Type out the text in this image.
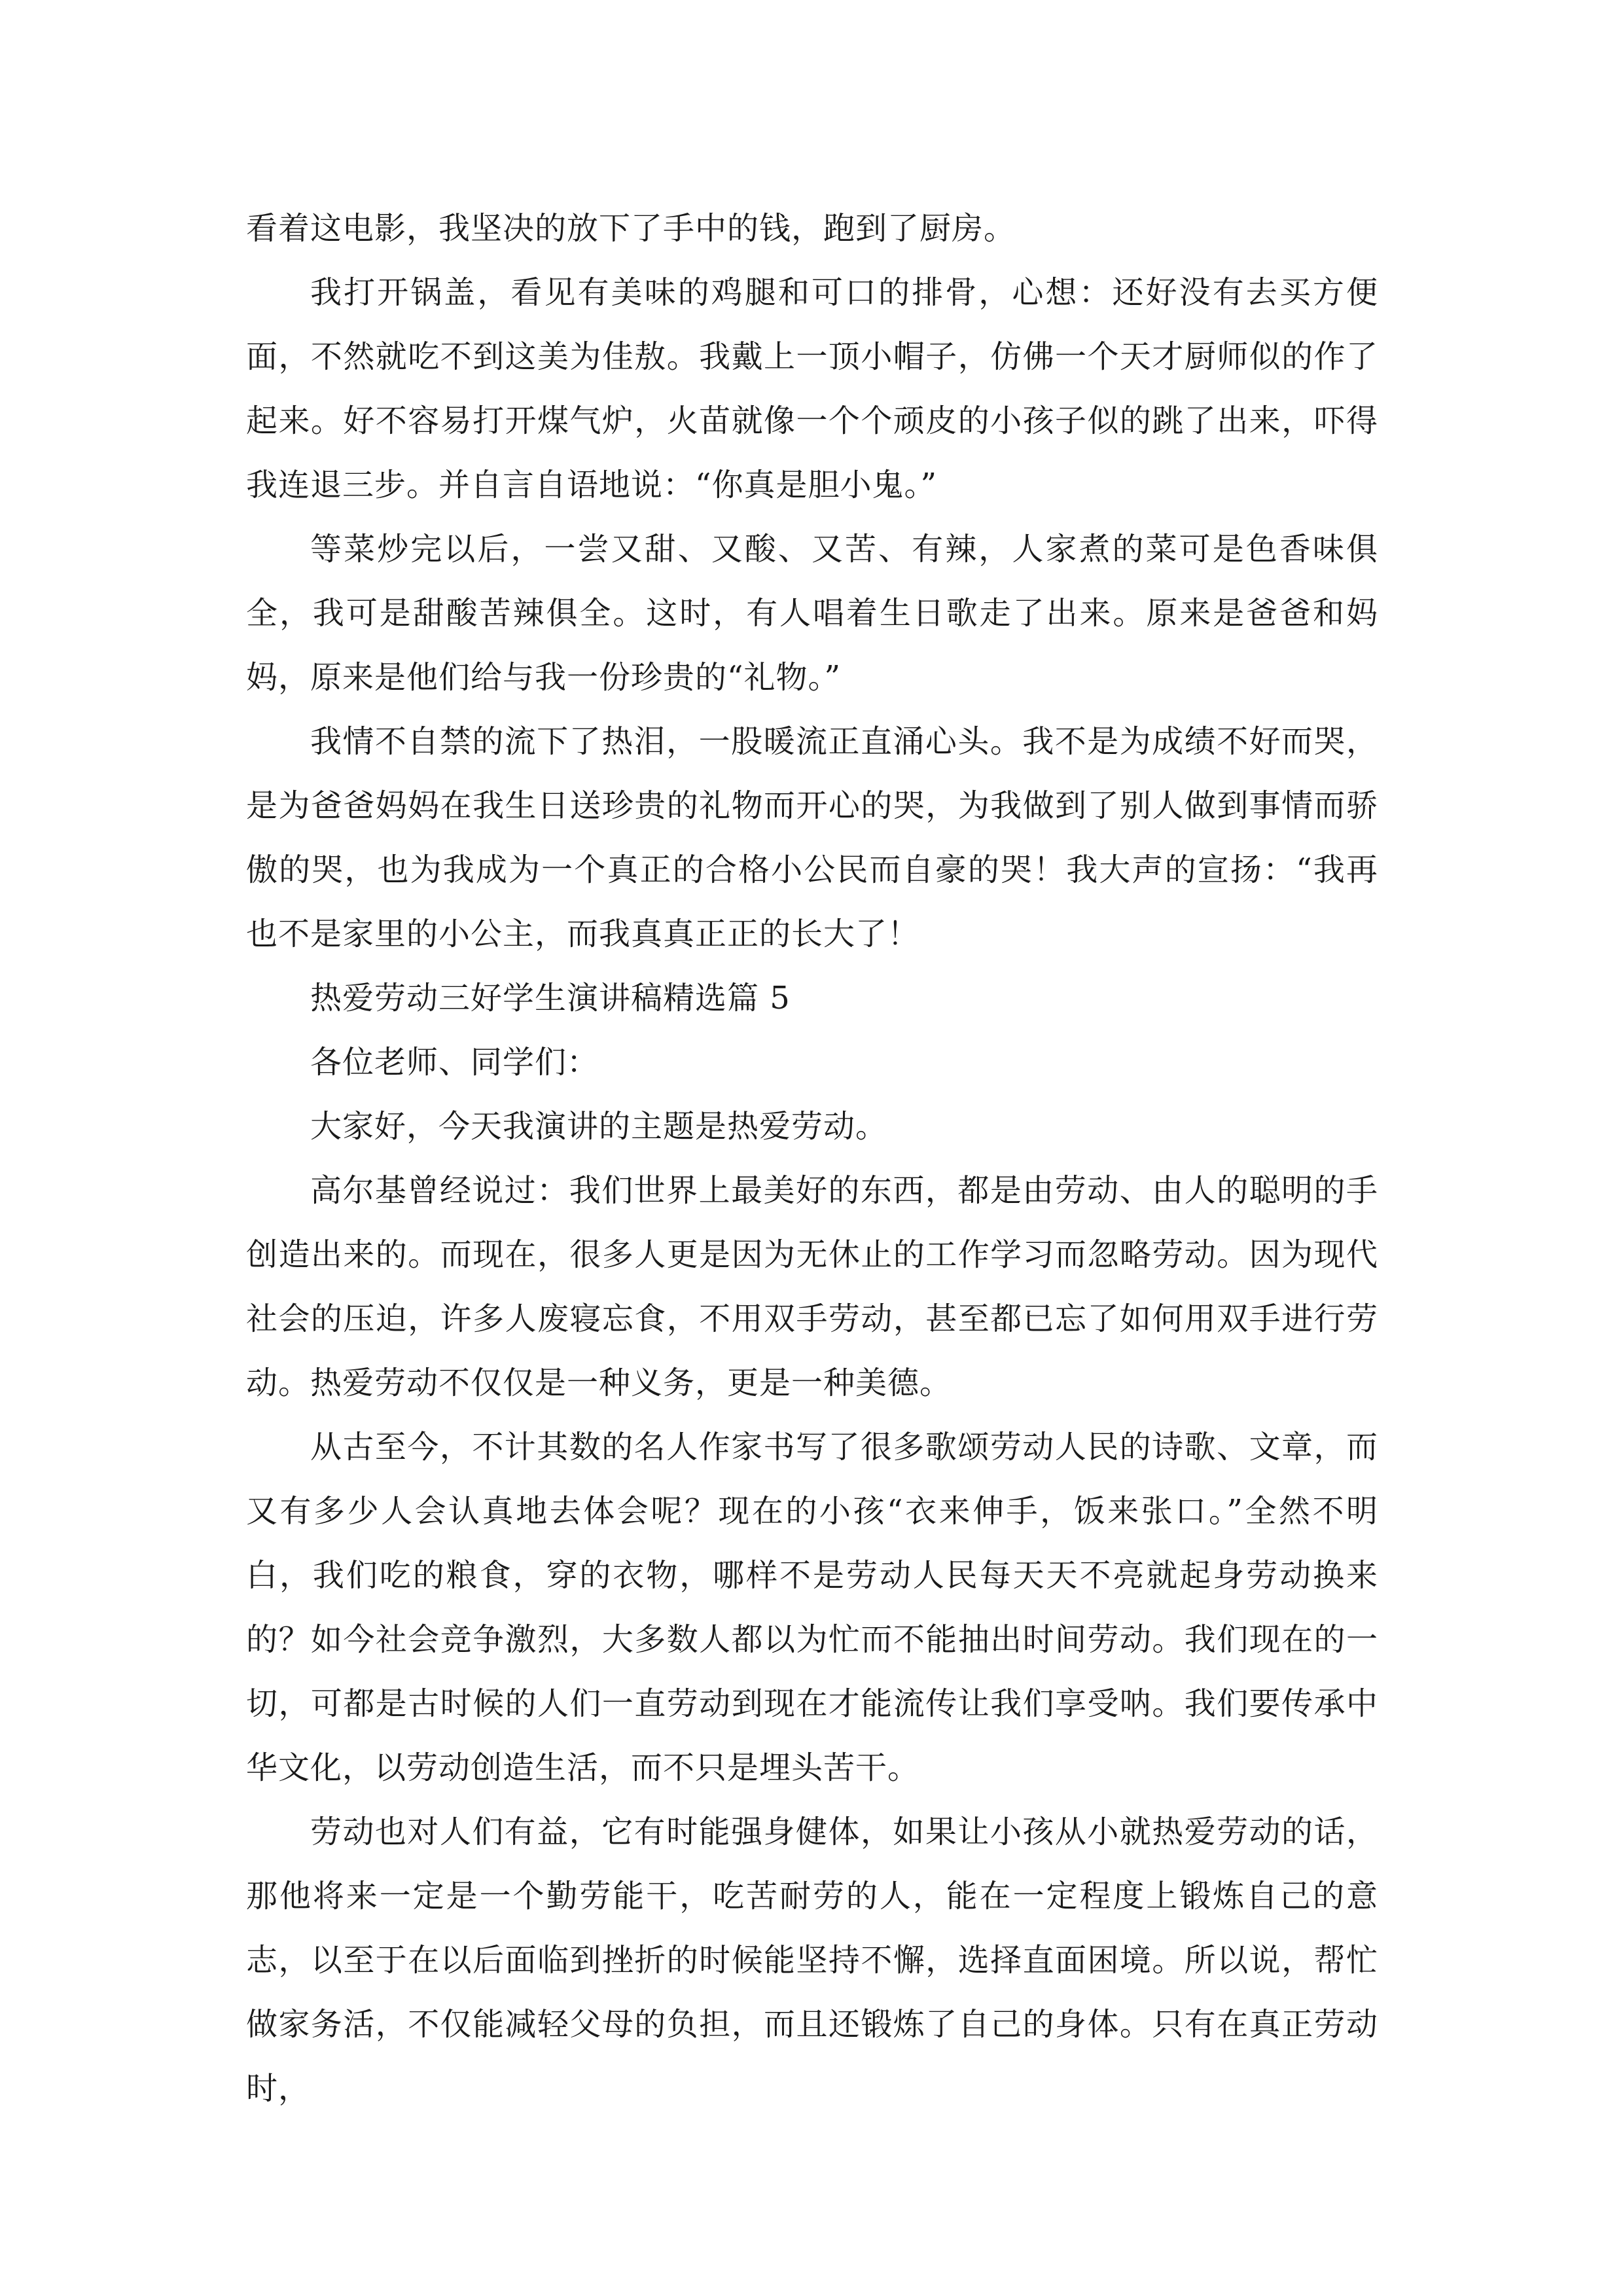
看着这电影，我坚决的放下了手中的钱，跑到了厨房。

我打开锅盖，看见有美味的鸡腿和可口的排骨，心想：还好没有去买方便面，不然就吃不到这美为佳敖。我戴上一顶小帽子，仿佛一个天才厨师似的作了起来。好不容易打开煤气炉，火苗就像一个个顽皮的小孩子似的跳了出来，吓得我连退三步。并自言自语地说：“你真是胆小鬼。”

等菜炒完以后，一尝又甜、又酸、又苦、有辣，人家煮的菜可是色香味俱全，我可是甜酸苦辣俱全。这时，有人唱着生日歌走了出来。原来是爸爸和妈妈，原来是他们给与我一份珍贵的“礼物。”

我情不自禁的流下了热泪，一股暖流正直涌心头。我不是为成绩不好而哭，是为爸爸妈妈在我生日送珍贵的礼物而开心的哭，为我做到了别人做到事情而骄傲的哭，也为我成为一个真正的合格小公民而自豪的哭！我大声的宣扬：“我再也不是家里的小公主，而我真真正正的长大了！

热爱劳动三好学生演讲稿精选篇 5

各位老师、同学们：

大家好，今天我演讲的主题是热爱劳动。

高尔基曾经说过：我们世界上最美好的东西，都是由劳动、由人的聪明的手创造出来的。而现在，很多人更是因为无休止的工作学习而忽略劳动。因为现代社会的压迫，许多人废寝忘食，不用双手劳动，甚至都已忘了如何用双手进行劳动。热爱劳动不仅仅是一种义务，更是一种美德。

从古至今，不计其数的名人作家书写了很多歌颂劳动人民的诗歌、文章，而又有多少人会认真地去体会呢？现在的小孩“衣来伸手，饭来张口。”全然不明白，我们吃的粮食，穿的衣物，哪样不是劳动人民每天天不亮就起身劳动换来的？如今社会竞争激烈，大多数人都以为忙而不能抽出时间劳动。我们现在的一切，可都是古时候的人们一直劳动到现在才能流传让我们享受呐。我们要传承中华文化，以劳动创造生活，而不只是埋头苦干。

劳动也对人们有益，它有时能强身健体，如果让小孩从小就热爱劳动的话，那他将来一定是一个勤劳能干，吃苦耐劳的人，能在一定程度上锻炼自己的意志，以至于在以后面临到挫折的时候能坚持不懈，选择直面困境。所以说，帮忙做家务活，不仅能减轻父母的负担，而且还锻炼了自己的身体。只有在真正劳动时，
